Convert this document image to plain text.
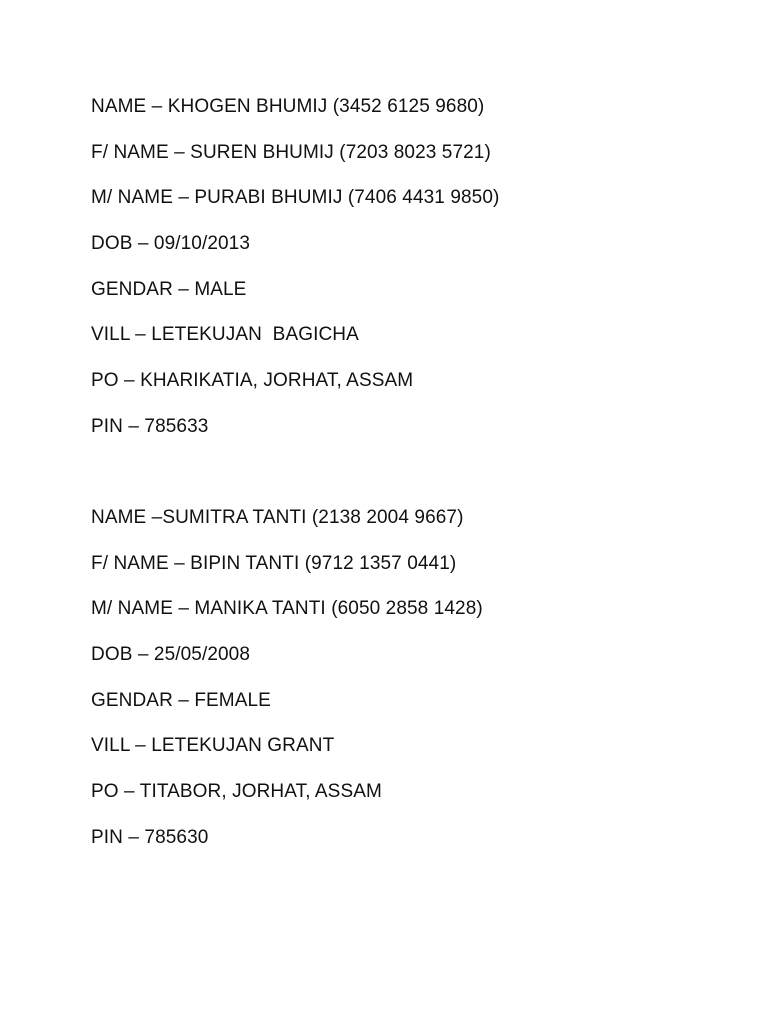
NAME – KHOGEN BHUMIJ (3452 6125 9680)
F/ NAME – SUREN BHUMIJ (7203 8023 5721)
M/ NAME – PURABI BHUMIJ (7406 4431 9850)
DOB – 09/10/2013
GENDAR – MALE
VILL – LETEKUJAN  BAGICHA
PO – KHARIKATIA, JORHAT, ASSAM
PIN – 785633
NAME –SUMITRA TANTI (2138 2004 9667)
F/ NAME – BIPIN TANTI (9712 1357 0441)
M/ NAME – MANIKA TANTI (6050 2858 1428)
DOB – 25/05/2008
GENDAR – FEMALE
VILL – LETEKUJAN GRANT
PO – TITABOR, JORHAT, ASSAM
PIN – 785630
